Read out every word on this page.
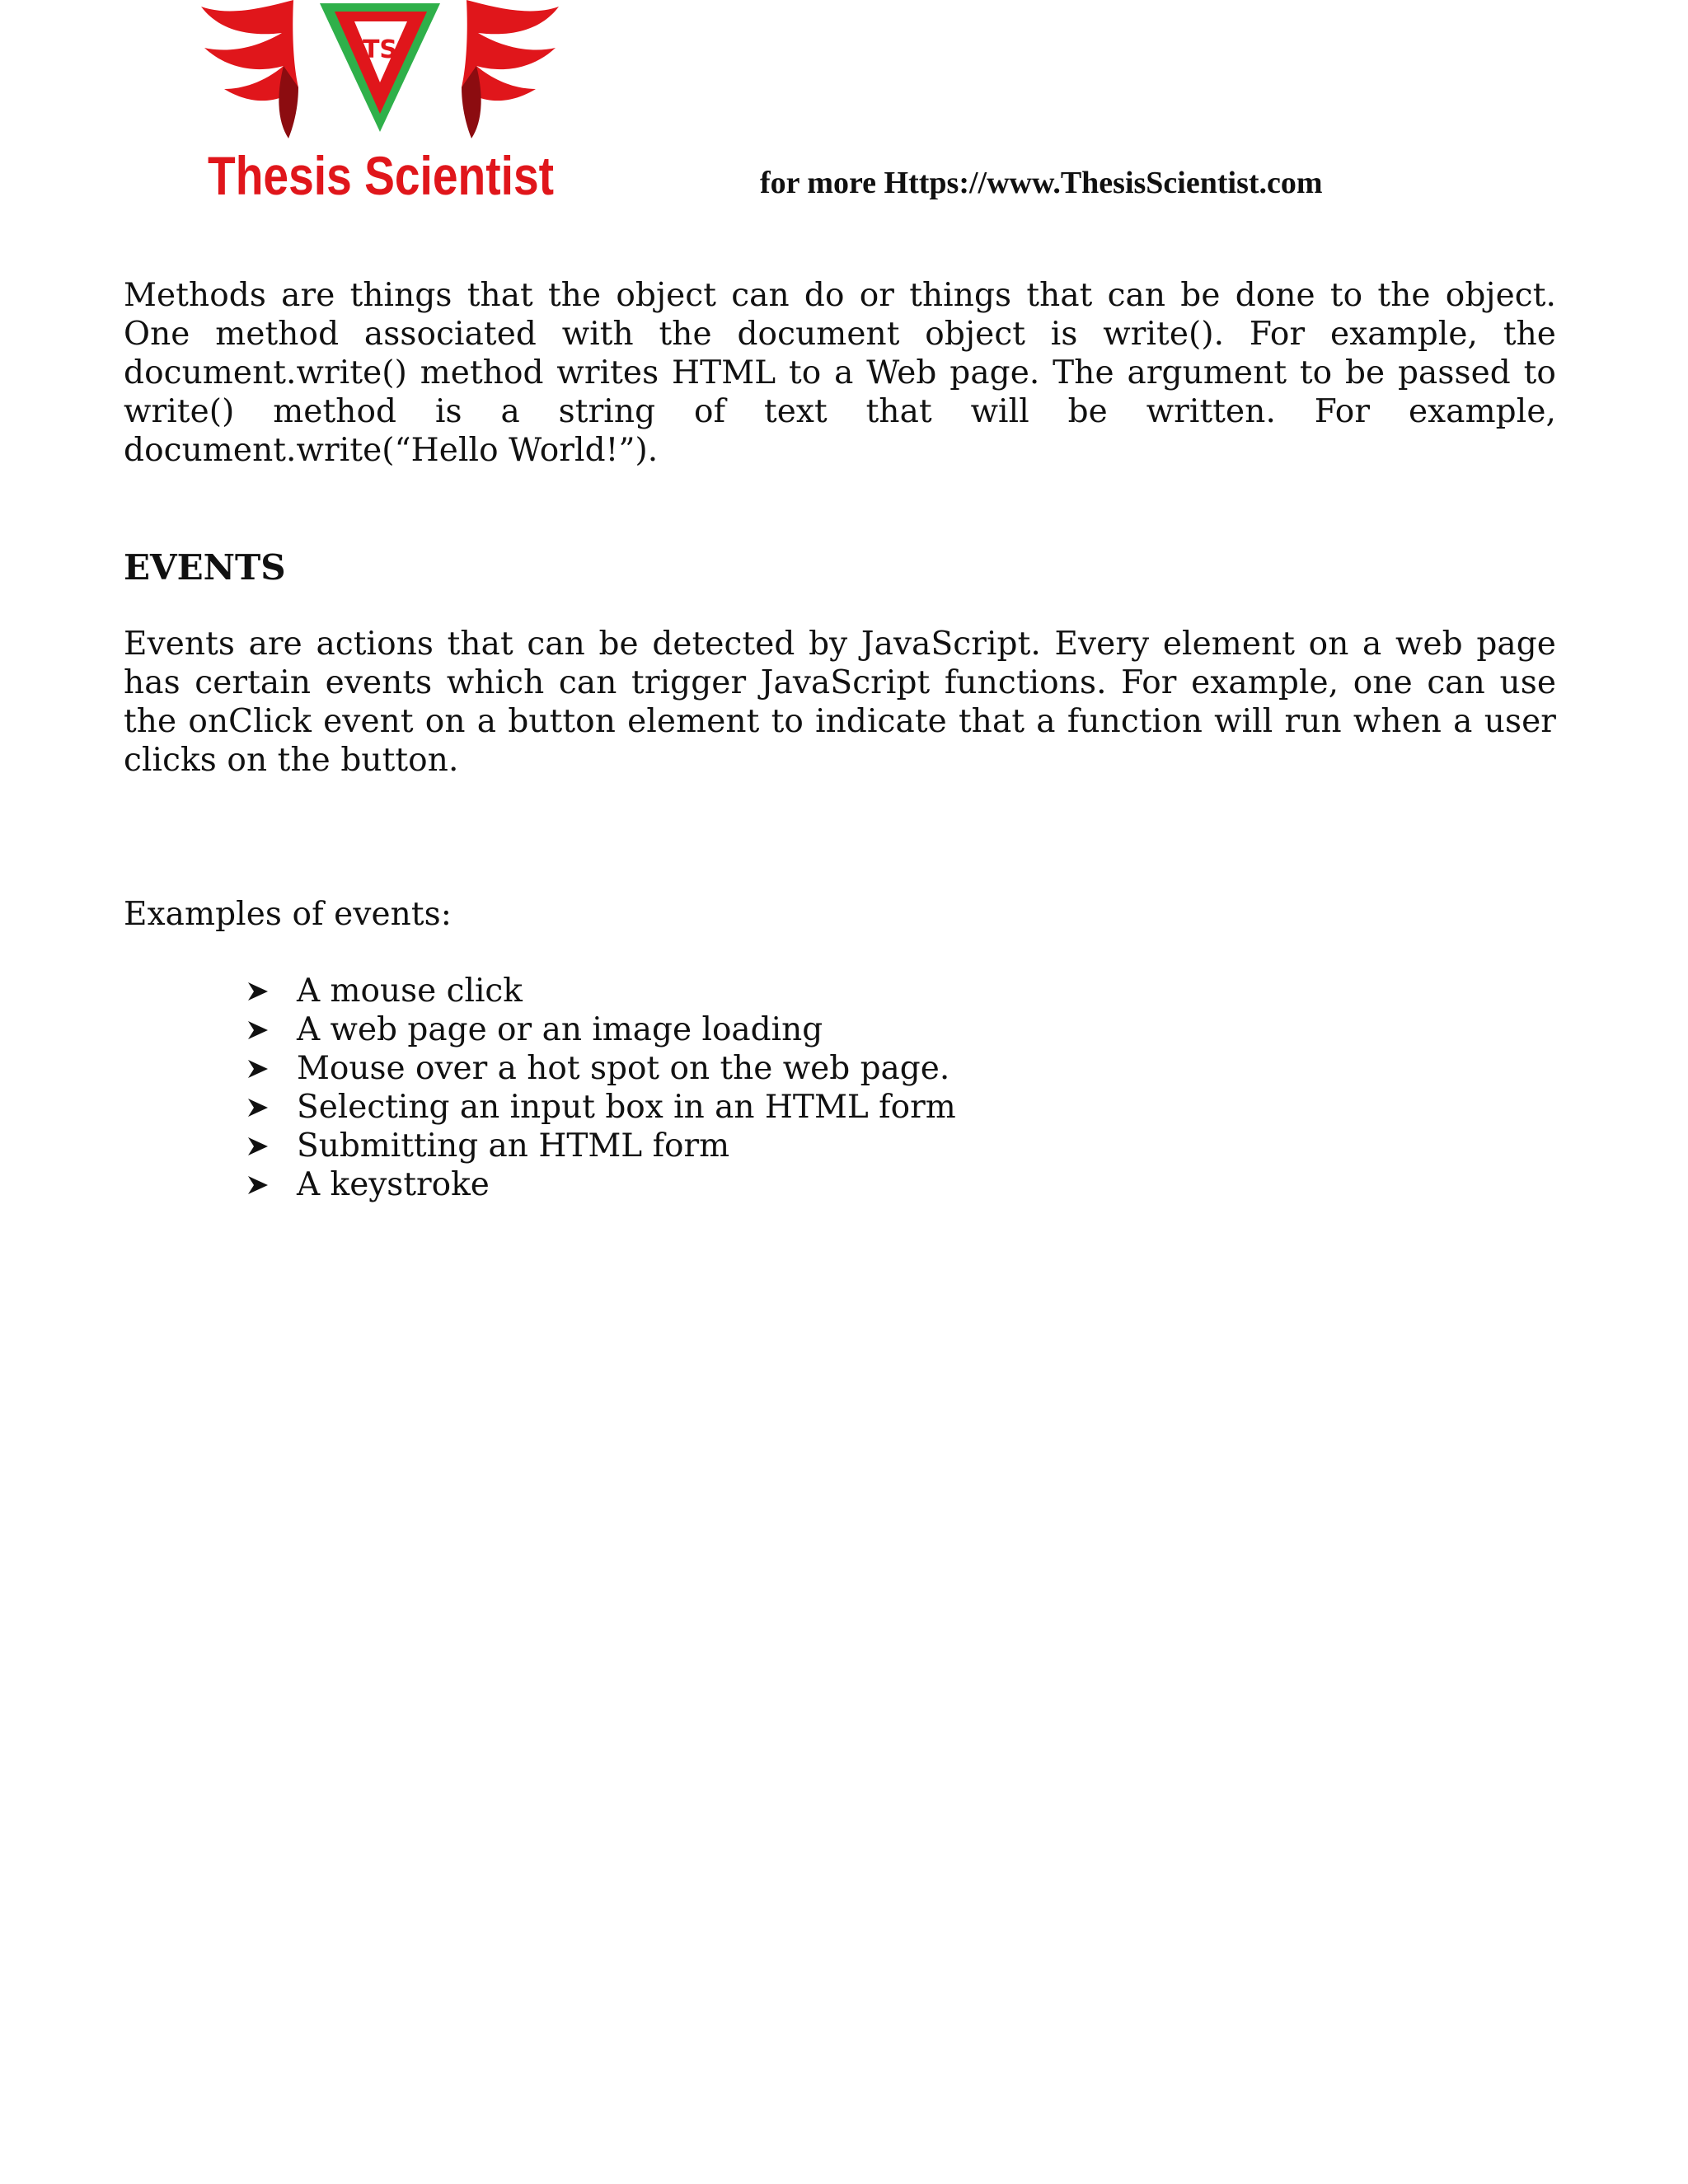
TS
Thesis Scientist	for more Https://www.ThesisScientist.com

Methods are things that the object can do or things that can be done to the object. One method associated with the document object is write(). For example, the document.write() method writes HTML to a Web page. The argument to be passed to write() method is a string of text that will be written. For example, document.write(“Hello World!”).

EVENTS

Events are actions that can be detected by JavaScript. Every element on a web page has certain events which can trigger JavaScript functions. For example, one can use the onClick event on a button element to indicate that a function will run when a user clicks on the button.

Examples of events:

A mouse click
A web page or an image loading
Mouse over a hot spot on the web page.
Selecting an input box in an HTML form
Submitting an HTML form
A keystroke
